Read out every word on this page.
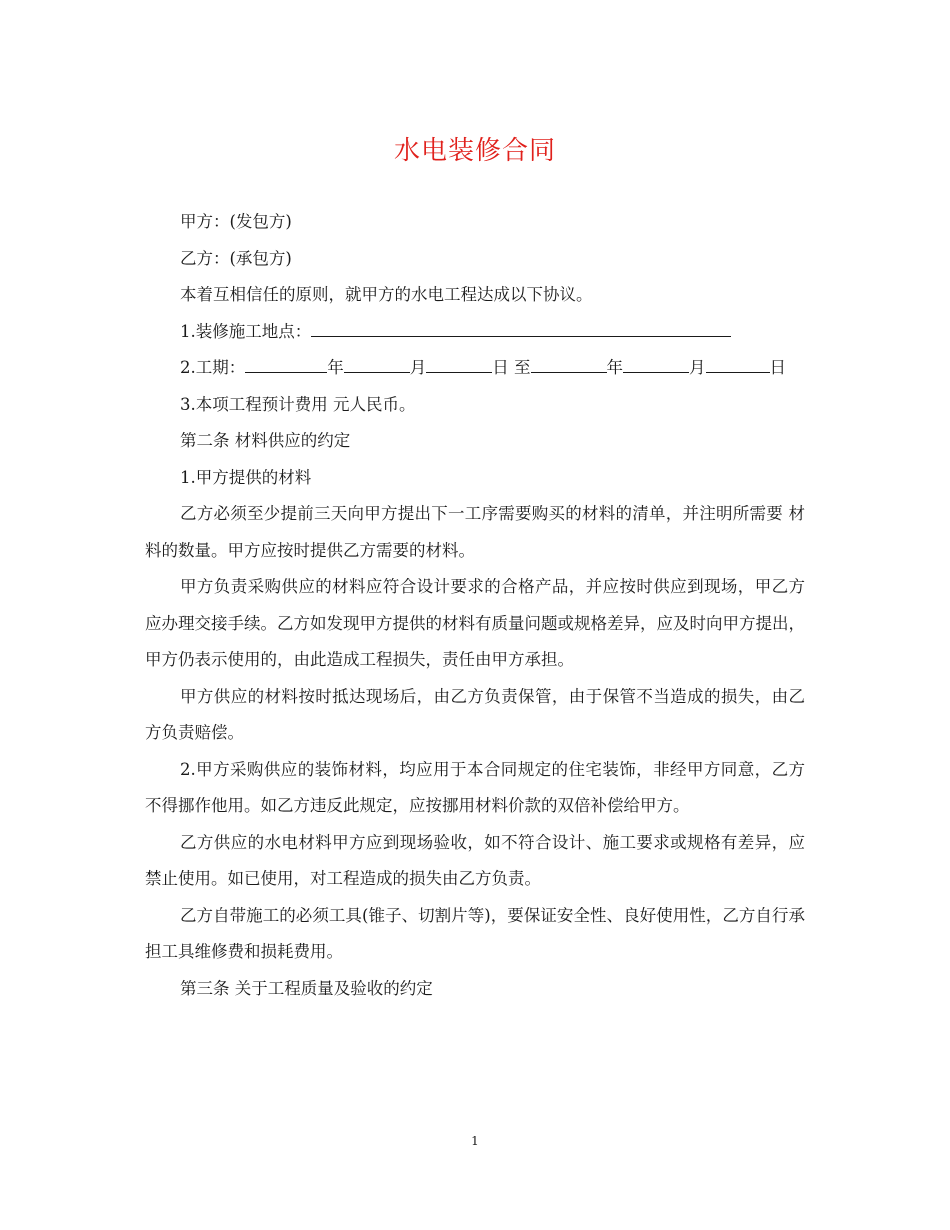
水电装修合同

甲方：(发包方)

乙方：(承包方)

本着互相信任的原则，就甲方的水电工程达成以下协议。

1.装修施工地点：

2.工期：	年	月	日 至	年	月	日

3.本项工程预计费用 元人民币。

第二条 材料供应的约定

1.甲方提供的材料

乙方必须至少提前三天向甲方提出下一工序需要购买的材料的清单，并注明所需要 材料的数量。甲方应按时提供乙方需要的材料。

甲方负责采购供应的材料应符合设计要求的合格产品，并应按时供应到现场，甲乙方应办理交接手续。乙方如发现甲方提供的材料有质量问题或规格差异，应及时向甲方提出，甲方仍表示使用的，由此造成工程损失，责任由甲方承担。

甲方供应的材料按时抵达现场后，由乙方负责保管，由于保管不当造成的损失，由乙方负责赔偿。

2.甲方采购供应的装饰材料，均应用于本合同规定的住宅装饰，非经甲方同意，乙方不得挪作他用。如乙方违反此规定，应按挪用材料价款的双倍补偿给甲方。

乙方供应的水电材料甲方应到现场验收，如不符合设计、施工要求或规格有差异，应禁止使用。如已使用，对工程造成的损失由乙方负责。

乙方自带施工的必须工具(锥子、切割片等)，要保证安全性、良好使用性，乙方自行承担工具维修费和损耗费用。

第三条 关于工程质量及验收的约定

1
